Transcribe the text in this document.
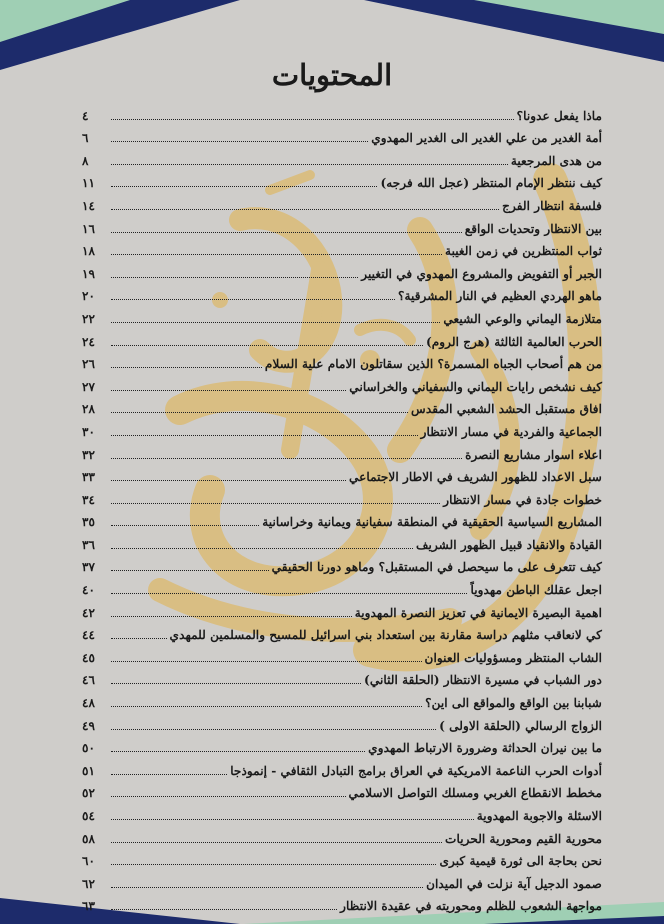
المحتويات
ماذا يفعل عدونا؟
٤
أمة الغدير من علي الغدير الى الغدير المهدوي
٦
من هدى المرجعية
٨
كيف ننتظر الإمام المنتظر (عجل الله فرجه)
١١
فلسفة انتظار الفرج
١٤
بين الانتظار وتحديات الواقع
١٦
ثواب المنتظرين في زمن الغيبة
١٨
الجبر أو التفويض والمشروع المهدوي في التغيير
١٩
ماهو الهردي العظيم في النار المشرقية؟
٢٠
متلازمة اليماني والوعي الشيعي
٢٢
الحرب العالمية الثالثة (هرج الروم)
٢٤
من هم أصحاب الجباه المسمرة؟ الذين سقاتلون الامام علية السلام
٢٦
كيف نشخص رايات اليماني والسفياني والخراساني
٢٧
افاق مستقبل الحشد الشعبي المقدس
٢٨
الجماعية والفردية في مسار الانتظار
٣٠
اعلاء اسوار مشاريع النصرة
٣٢
سبل الاعداد للظهور الشريف في الاطار الاجتماعي
٣٣
خطوات جادة في مسار الانتظار
٣٤
المشاريع السياسية الحقيقية في المنطقة سفيانية ويمانية وخراسانية
٣٥
القيادة والانقياد قبيل الظهور الشريف
٣٦
كيف تتعرف على ما سيحصل في المستقبل؟ وماهو دورنا الحقيقي
٣٧
اجعل عقلك الباطن مهدوياً
٤٠
اهمية البصيرة الايمانية في تعزيز النصرة المهدوية
٤٢
كي لانعاقب مثلهم دراسة مقارنة بين استعداد بني اسرائيل للمسيح والمسلمين للمهدي
٤٤
الشاب المنتظر ومسؤوليات العنوان
٤٥
دور الشباب في مسيرة الانتظار (الحلقة الثاني)
٤٦
شبابنا بين الواقع والمواقع الى اين؟
٤٨
الزواج الرسالي (الحلقة الاولى )
٤٩
ما بين نيران الحداثة وضرورة الارتباط المهدوي
٥٠
أدوات الحرب الناعمة الامريكية في العراق برامج التبادل الثقافي - إنموذجا
٥١
مخطط الانقطاع الغربي ومسلك التواصل الاسلامي
٥٢
الاسئلة والاجوبة المهدوية
٥٤
محورية القيم ومحورية الحريات
٥٨
نحن بحاجة الى ثورة قيمية كبرى
٦٠
صمود الدجيل آية نزلت في الميدان
٦٢
مواجهة الشعوب للظلم ومحوريته في عقيدة الانتظار
٦٣
